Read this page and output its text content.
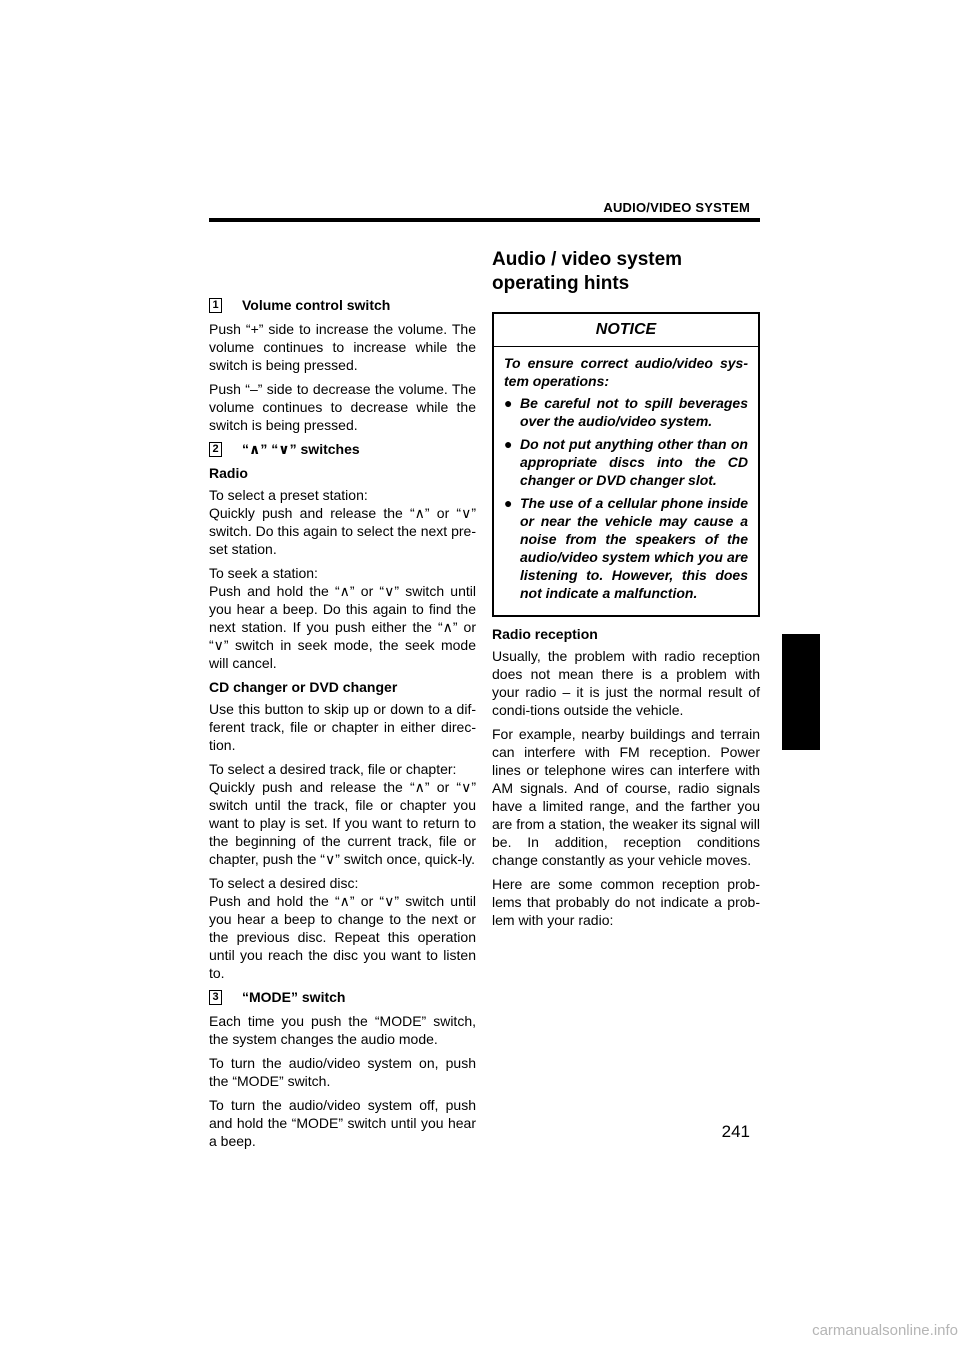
AUDIO/VIDEO SYSTEM
1 Volume control switch

Push “+” side to increase the volume. The volume continues to increase while the switch is being pressed.

Push “–” side to decrease the volume. The volume continues to decrease while the switch is being pressed.

2 “∧” “∨” switches
Radio

To select a preset station:

Quickly push and release the “∧” or “∨” switch. Do this again to select the next pre-set station.

To seek a station:

Push and hold the “∧” or “∨” switch until you hear a beep. Do this again to find the next station. If you push either the “∧” or “∨” switch in seek mode, the seek mode will cancel.

CD changer or DVD changer

Use this button to skip up or down to a dif-ferent track, file or chapter in either direc-tion.

To select a desired track, file or chapter:

Quickly push and release the “∧” or “∨” switch until the track, file or chapter you want to play is set. If you want to return to the beginning of the current track, file or chapter, push the “∨” switch once, quick-ly.

To select a desired disc:

Push and hold the “∧” or “∨” switch until you hear a beep to change to the next or the previous disc. Repeat this operation until you reach the disc you want to listen to.

3 “MODE” switch

Each time you push the “MODE” switch, the system changes the audio mode.

To turn the audio/video system on, push the “MODE” switch.

To turn the audio/video system off, push and hold the “MODE” switch until you hear a beep.

Audio / video system
operating hints
NOTICE
To ensure correct audio/video sys-tem operations:
● Be careful not to spill beverages over the audio/video system.
● Do not put anything other than on appropriate discs into the CD changer or DVD changer slot.
● The use of a cellular phone inside or near the vehicle may cause a noise from the speakers of the audio/video system which you are listening to. However, this does not indicate a malfunction.
Radio reception

Usually, the problem with radio reception does not mean there is a problem with your radio – it is just the normal result of condi-tions outside the vehicle.

For example, nearby buildings and terrain can interfere with FM reception. Power lines or telephone wires can interfere with AM signals. And of course, radio signals have a limited range, and the farther you are from a station, the weaker its signal will be. In addition, reception conditions change constantly as your vehicle moves.

Here are some common reception prob-lems that probably do not indicate a prob-lem with your radio:

241
carmanualsonline.info
